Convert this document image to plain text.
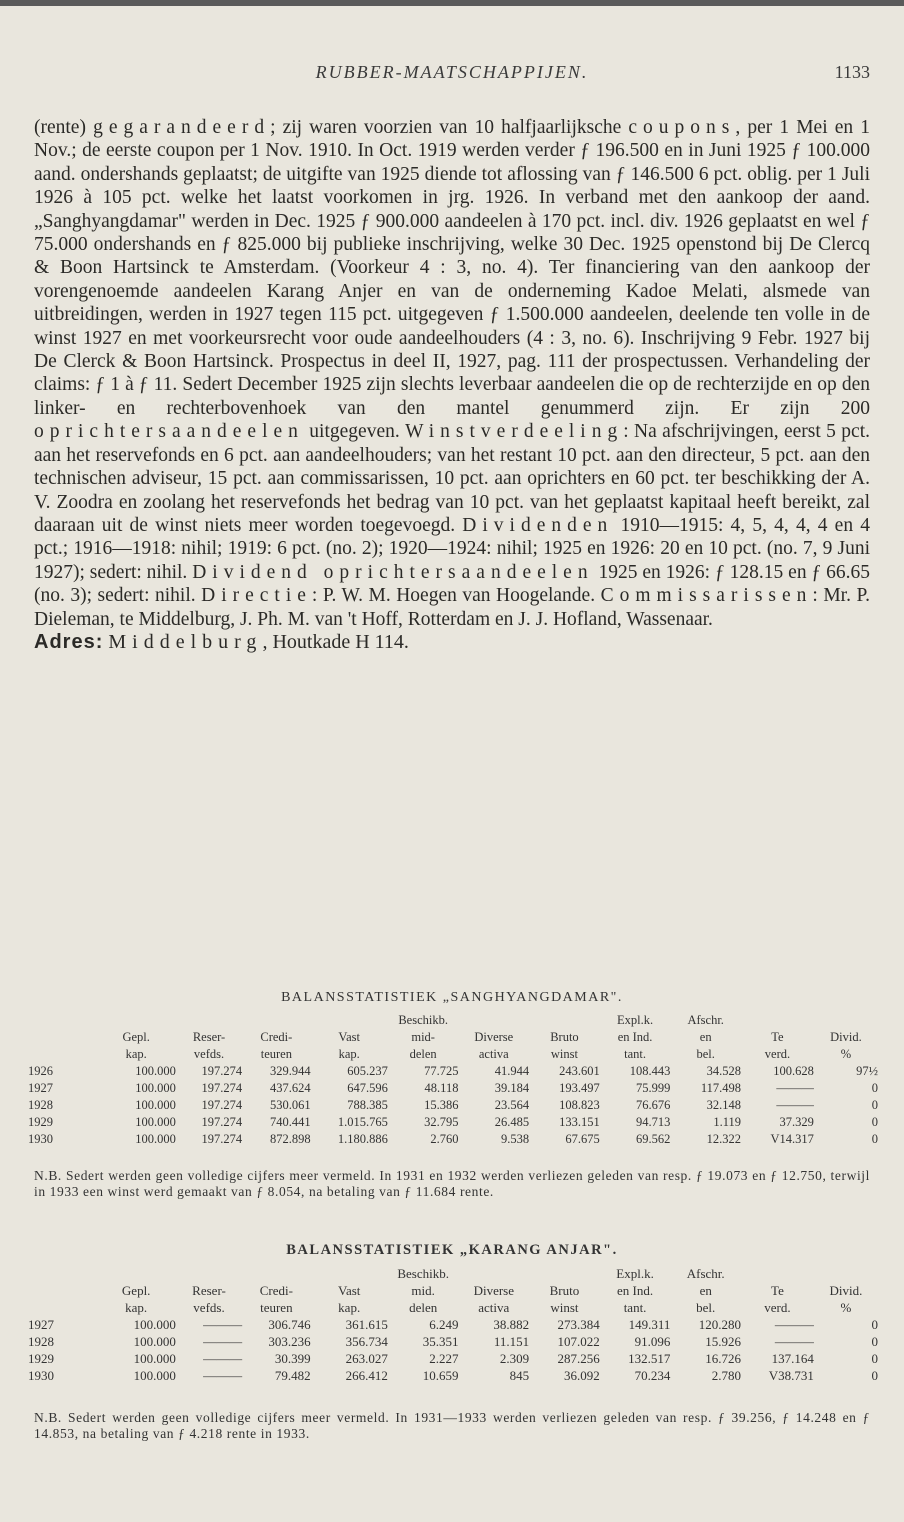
RUBBER-MAATSCHAPPIJEN.	1133

(rente) gegarandeerd; zij waren voorzien van 10 halfjaarlijksche coupons, per 1 Mei en 1 Nov.; de eerste coupon per 1 Nov. 1910. In Oct. 1919 werden verder ƒ 196.500 en in Juni 1925 ƒ 100.000 aand. ondershands geplaatst; de uitgifte van 1925 diende tot aflossing van ƒ 146.500 6 pct. oblig. per 1 Juli 1926 à 105 pct. welke het laatst voorkomen in jrg. 1926. In verband met den aankoop der aand. „Sanghyangdamar" werden in Dec. 1925 ƒ 900.000 aandeelen à 170 pct. incl. div. 1926 geplaatst en wel ƒ 75.000 ondershands en ƒ 825.000 bij publieke inschrijving, welke 30 Dec. 1925 openstond bij De Clercq & Boon Hartsinck te Amsterdam. (Voorkeur 4 : 3, no. 4). Ter financiering van den aankoop der vorengenoemde aandeelen Karang Anjer en van de onderneming Kadoe Melati, alsmede van uitbreidingen, werden in 1927 tegen 115 pct. uitgegeven ƒ 1.500.000 aandeelen, deelende ten volle in de winst 1927 en met voorkeursrecht voor oude aandeelhouders (4 : 3, no. 6). Inschrijving 9 Febr. 1927 bij De Clerck & Boon Hartsinck. Prospectus in deel II, 1927, pag. 111 der prospectussen. Verhandeling der claims: ƒ 1 à ƒ 11. Sedert December 1925 zijn slechts leverbaar aandeelen die op de rechterzijde en op den linker- en rechterbovenhoek van den mantel genummerd zijn. Er zijn 200 oprichtersaandeelen uitgegeven. Winstverdeeling: Na afschrijvingen, eerst 5 pct. aan het reservefonds en 6 pct. aan aandeelhouders; van het restant 10 pct. aan den directeur, 5 pct. aan den technischen adviseur, 15 pct. aan commissarissen, 10 pct. aan oprichters en 60 pct. ter beschikking der A. V. Zoodra en zoolang het reservefonds het bedrag van 10 pct. van het geplaatst kapitaal heeft bereikt, zal daaraan uit de winst niets meer worden toegevoegd. Dividenden 1910—1915: 4, 5, 4, 4, 4 en 4 pct.; 1916—1918: nihil; 1919: 6 pct. (no. 2); 1920—1924: nihil; 1925 en 1926: 20 en 10 pct. (no. 7, 9 Juni 1927); sedert: nihil. Dividend oprichtersaandeelen 1925 en 1926: ƒ 128.15 en ƒ 66.65 (no. 3); sedert: nihil. Directie: P. W. M. Hoegen van Hoogelande. Commissarissen: Mr. P. Dieleman, te Middelburg, J. Ph. M. van 't Hoff, Rotterdam en J. J. Hofland, Wassenaar.

Adres: Middelburg, Houtkade H 114.

BALANSSTATISTIEK „SANGHYANGDAMAR".
					Beschikb.			Expl.k.	Afschr.		
	Gepl.	Reser-	Credi-	Vast	mid-	Diverse	Bruto	en Ind.	en	Te	Divid.
	kap.	vefds.	teuren	kap.	delen	activa	winst	tant.	bel.	verd.	%
1926	100.000	197.274	329.944	605.237	77.725	41.944	243.601	108.443	34.528	100.628	97½
1927	100.000	197.274	437.624	647.596	48.118	39.184	193.497	75.999	117.498	———	0
1928	100.000	197.274	530.061	788.385	15.386	23.564	108.823	76.676	32.148	———	0
1929	100.000	197.274	740.441	1.015.765	32.795	26.485	133.151	94.713	1.119	37.329	0
1930	100.000	197.274	872.898	1.180.886	2.760	9.538	67.675	69.562	12.322	V14.317	0
N.B. Sedert werden geen volledige cijfers meer vermeld. In 1931 en 1932 werden verliezen geleden van resp. ƒ 19.073 en ƒ 12.750, terwijl in 1933 een winst werd gemaakt van ƒ 8.054, na betaling van ƒ 11.684 rente.
BALANSSTATISTIEK „KARANG ANJAR".
					Beschikb.			Expl.k.	Afschr.		
	Gepl.	Reser-	Credi-	Vast	mid.	Diverse	Bruto	en Ind.	en	Te	Divid.
	kap.	vefds.	teuren	kap.	delen	activa	winst	tant.	bel.	verd.	%
1927	100.000	———	306.746	361.615	6.249	38.882	273.384	149.311	120.280	———	0
1928	100.000	———	303.236	356.734	35.351	11.151	107.022	91.096	15.926	———	0
1929	100.000	———	30.399	263.027	2.227	2.309	287.256	132.517	16.726	137.164	0
1930	100.000	———	79.482	266.412	10.659	845	36.092	70.234	2.780	V38.731	0
N.B. Sedert werden geen volledige cijfers meer vermeld. In 1931—1933 werden verliezen geleden van resp. ƒ 39.256, ƒ 14.248 en ƒ 14.853, na betaling van ƒ 4.218 rente in 1933.
